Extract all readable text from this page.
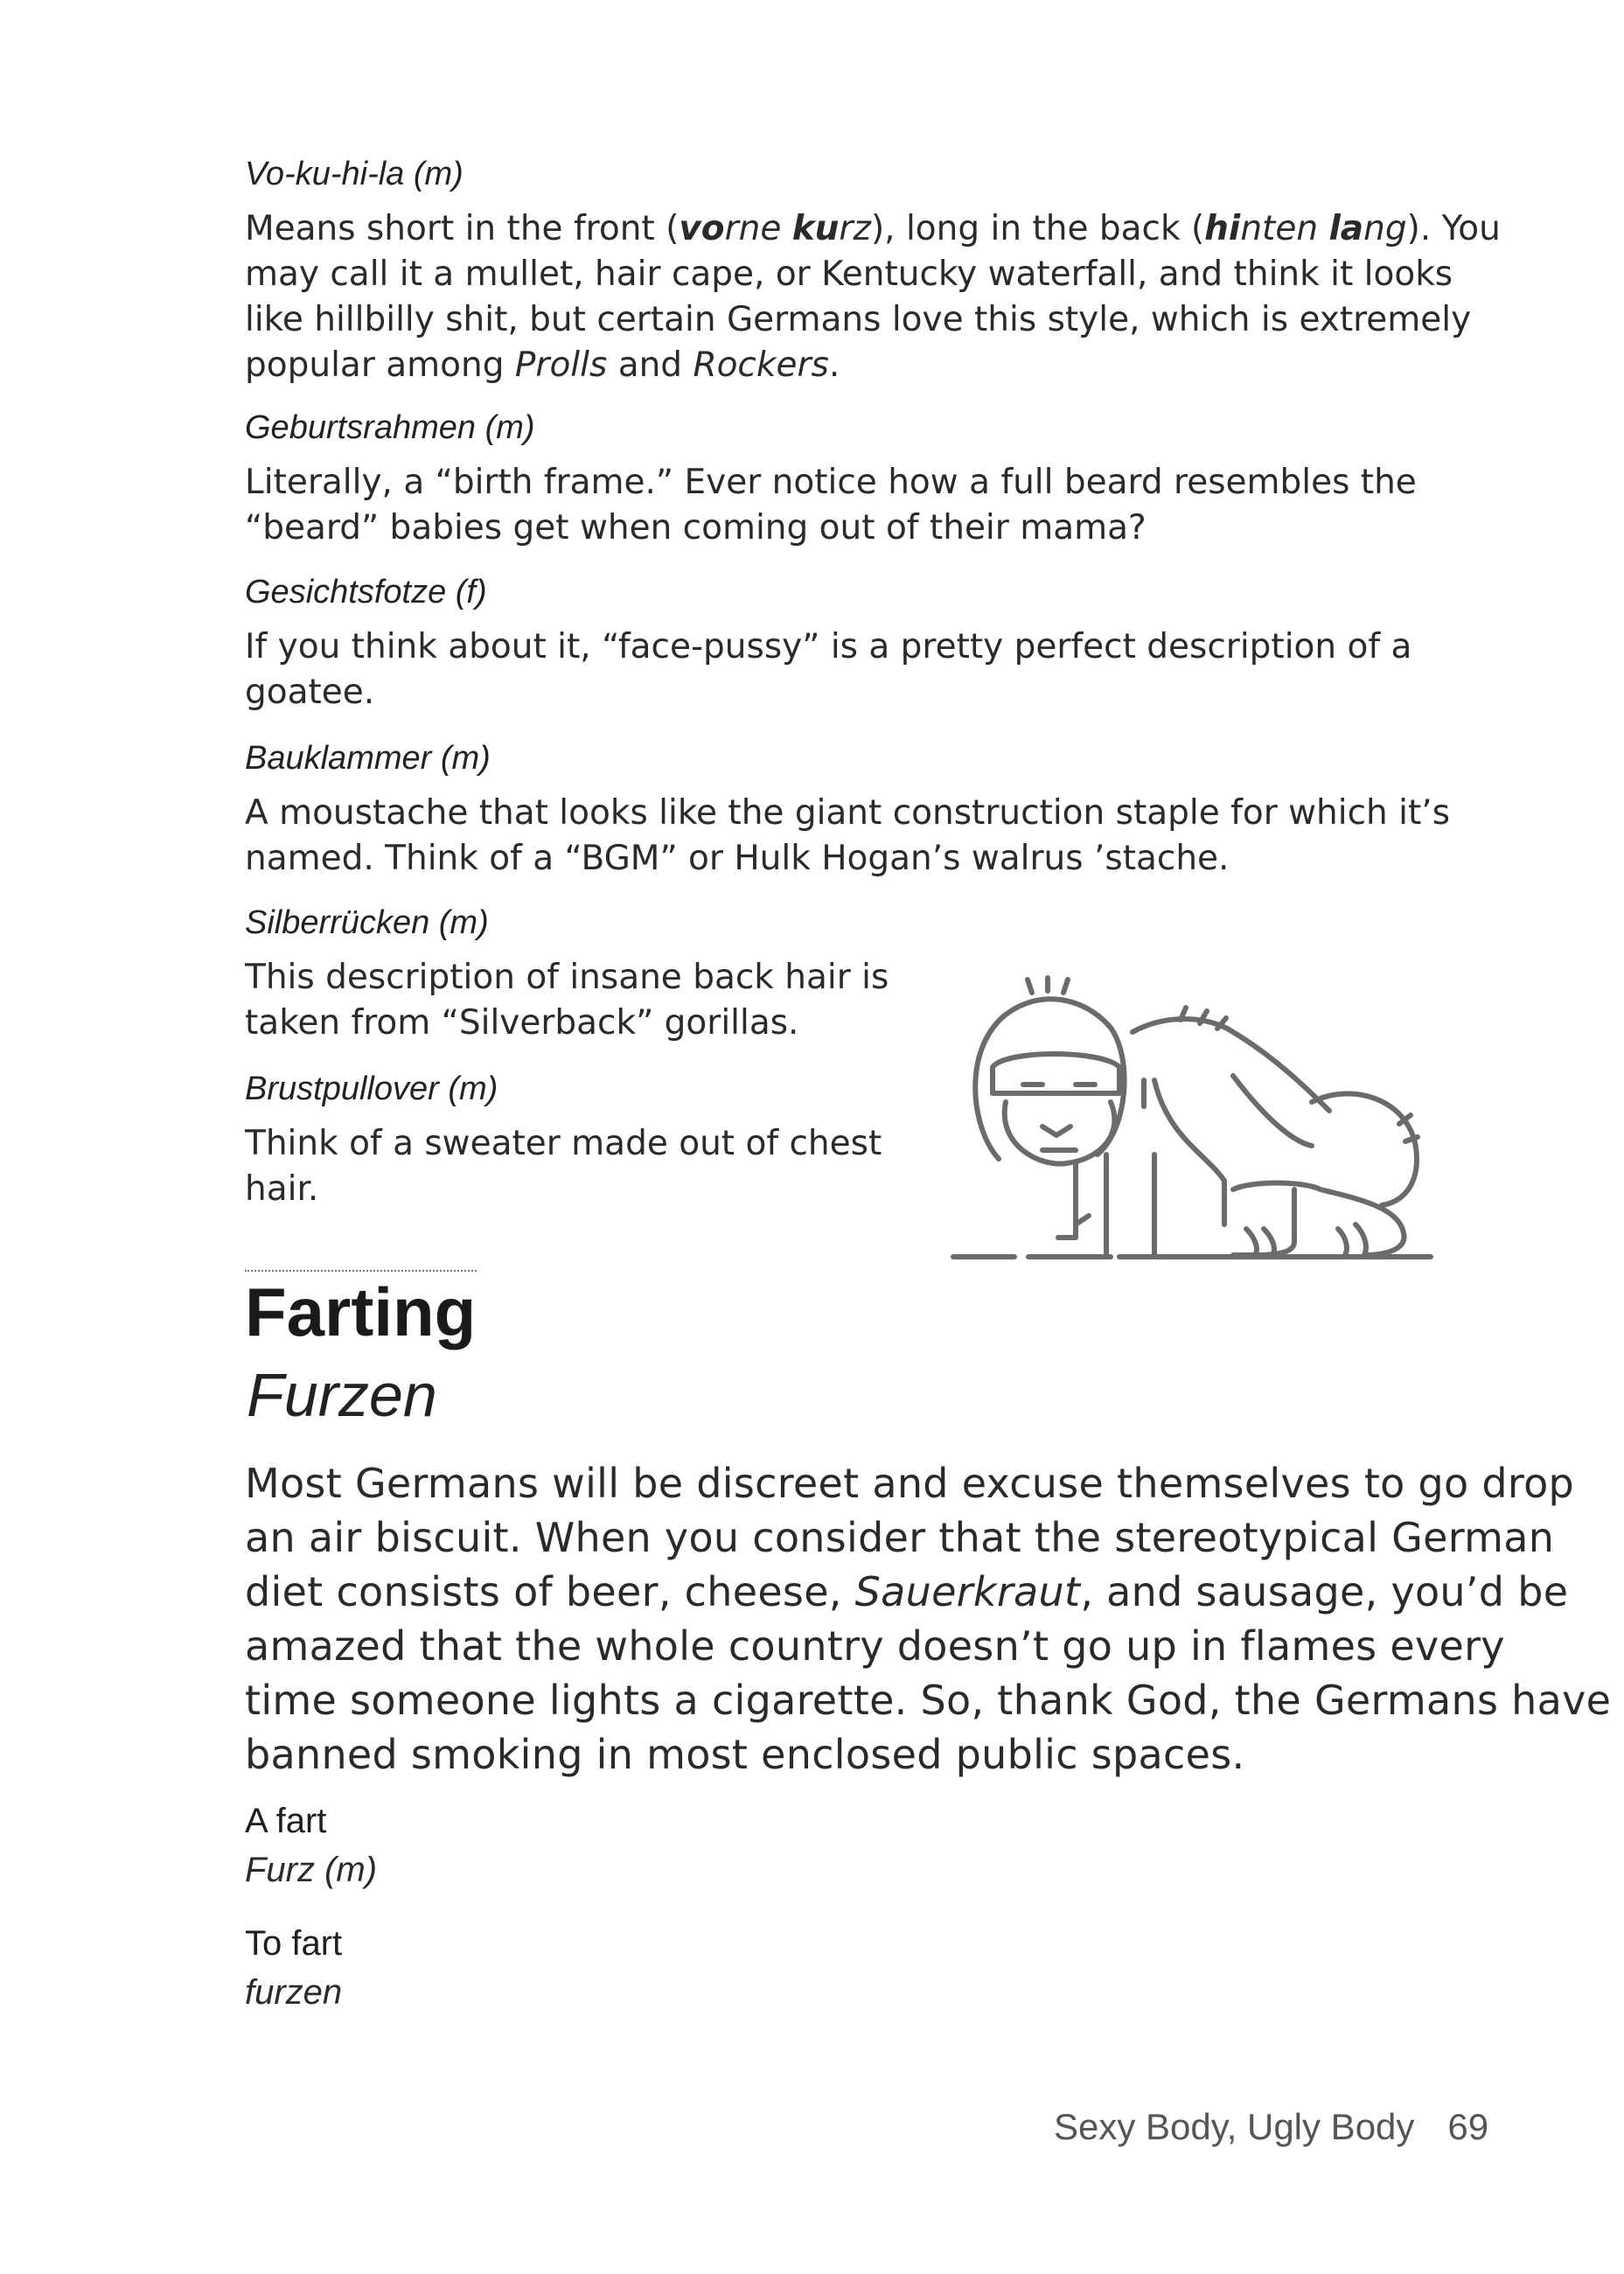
Vo-ku-hi-la (m)
Means short in the front (vorne kurz), long in the back (hinten lang). You
may call it a mullet, hair cape, or Kentucky waterfall, and think it looks
like hillbilly shit, but certain Germans love this style, which is extremely
popular among Prolls and Rockers.
Geburtsrahmen (m)
Literally, a “birth frame.” Ever notice how a full beard resembles the
“beard” babies get when coming out of their mama?
Gesichtsfotze (f)
If you think about it, “face-pussy” is a pretty perfect description of a
goatee.
Bauklammer (m)
A moustache that looks like the giant construction staple for which it’s
named. Think of a “BGM” or Hulk Hogan’s walrus ’stache.
Silberrücken (m)
This description of insane back hair is
taken from “Silverback” gorillas.
Brustpullover (m)
Think of a sweater made out of chest
hair.
Farting
Furzen
Most Germans will be discreet and excuse themselves to go drop
an air biscuit. When you consider that the stereotypical German
diet consists of beer, cheese, Sauerkraut, and sausage, you’d be
amazed that the whole country doesn’t go up in flames every
time someone lights a cigarette. So, thank God, the Germans have
banned smoking in most enclosed public spaces.
A fart
Furz (m)
To fart
furzen
Sexy Body, Ugly Body 69
